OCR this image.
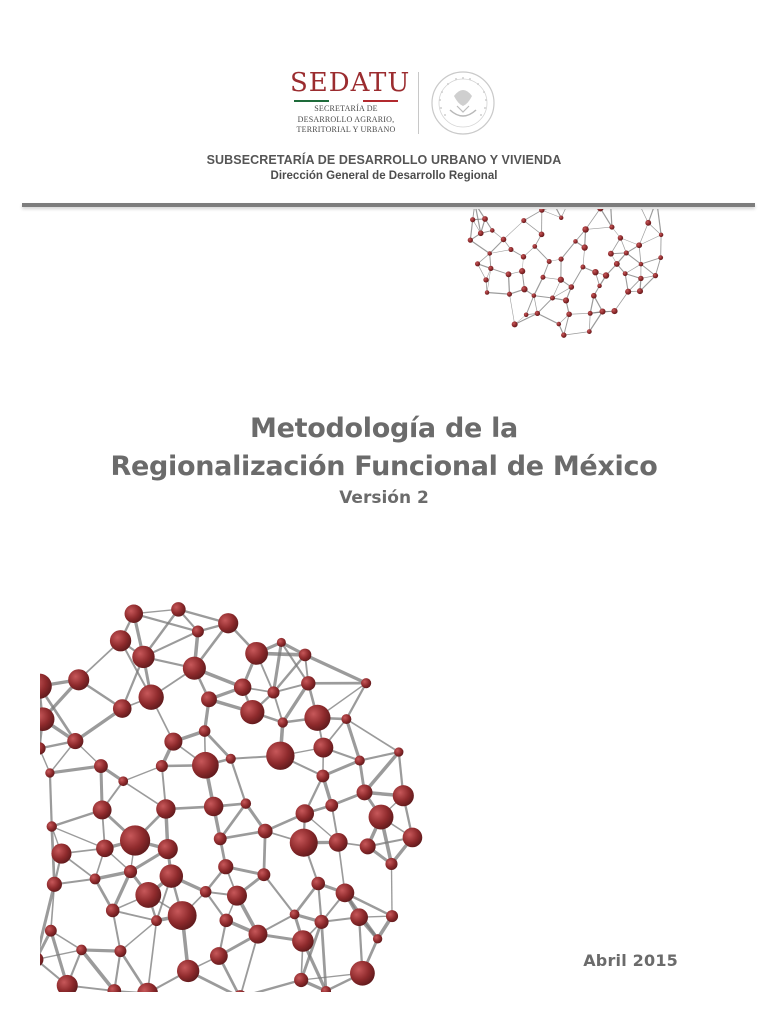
SEDATU
SECRETARÍA DE
DESARROLLO AGRARIO,
TERRITORIAL Y URBANO
SUBSECRETARÍA DE DESARROLLO URBANO Y VIVIENDA
Dirección General de Desarrollo Regional
Metodología de la
Regionalización Funcional de México
Versión 2
Abril 2015
